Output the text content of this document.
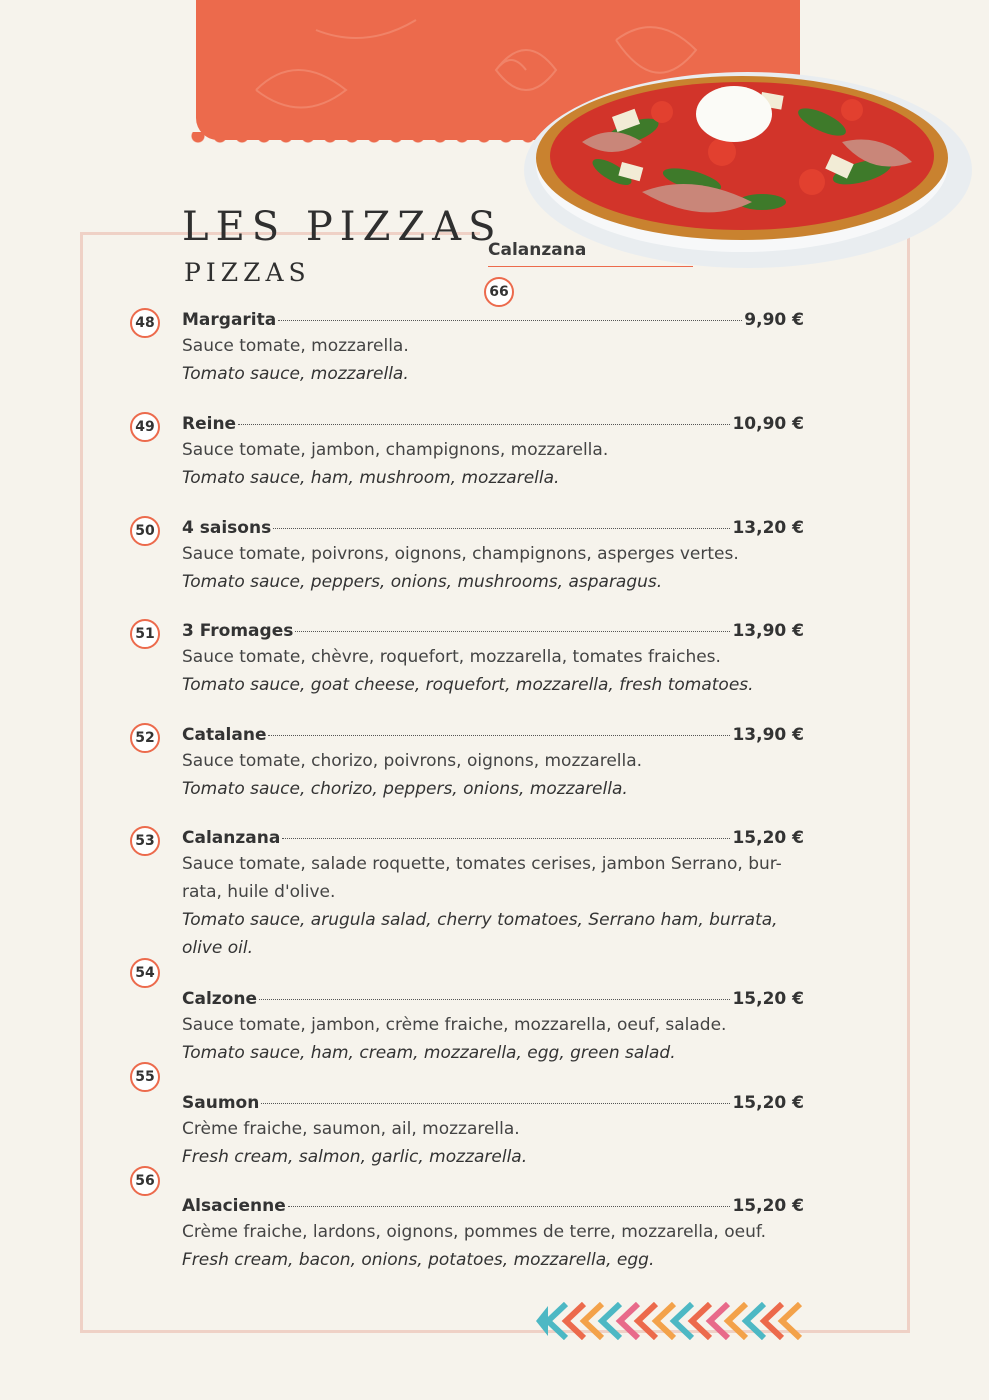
LES PIZZAS
PIZZAS
Calanzana
66
48
49
50
51
52
53
54
55
56
Margarita	9,90 €
Sauce tomate, mozzarella.
Tomato sauce, mozzarella.
Reine	10,90 €
Sauce tomate, jambon, champignons, mozzarella.
Tomato sauce, ham, mushroom, mozzarella.
4 saisons	13,20 €
Sauce tomate, poivrons, oignons, champignons, asperges vertes.
Tomato sauce, peppers, onions, mushrooms, asparagus.
3 Fromages	13,90 €
Sauce tomate, chèvre, roquefort, mozzarella, tomates fraiches.
Tomato sauce, goat cheese, roquefort, mozzarella, fresh tomatoes.
Catalane	13,90 €
Sauce tomate, chorizo, poivrons, oignons, mozzarella.
Tomato sauce, chorizo, peppers, onions, mozzarella.
Calanzana	15,20 €
Sauce tomate, salade roquette, tomates cerises, jambon Serrano, bur-rata, huile d'olive.
Tomato sauce, arugula salad, cherry tomatoes, Serrano ham, burrata, olive oil.
Calzone	15,20 €
Sauce tomate, jambon, crème fraiche, mozzarella, oeuf, salade.
Tomato sauce, ham, cream, mozzarella, egg, green salad.
Saumon	15,20 €
Crème fraiche, saumon, ail, mozzarella.
Fresh cream, salmon, garlic, mozzarella.
Alsacienne	15,20 €
Crème fraiche, lardons, oignons, pommes de terre, mozzarella, oeuf.
Fresh cream, bacon, onions, potatoes, mozzarella, egg.
